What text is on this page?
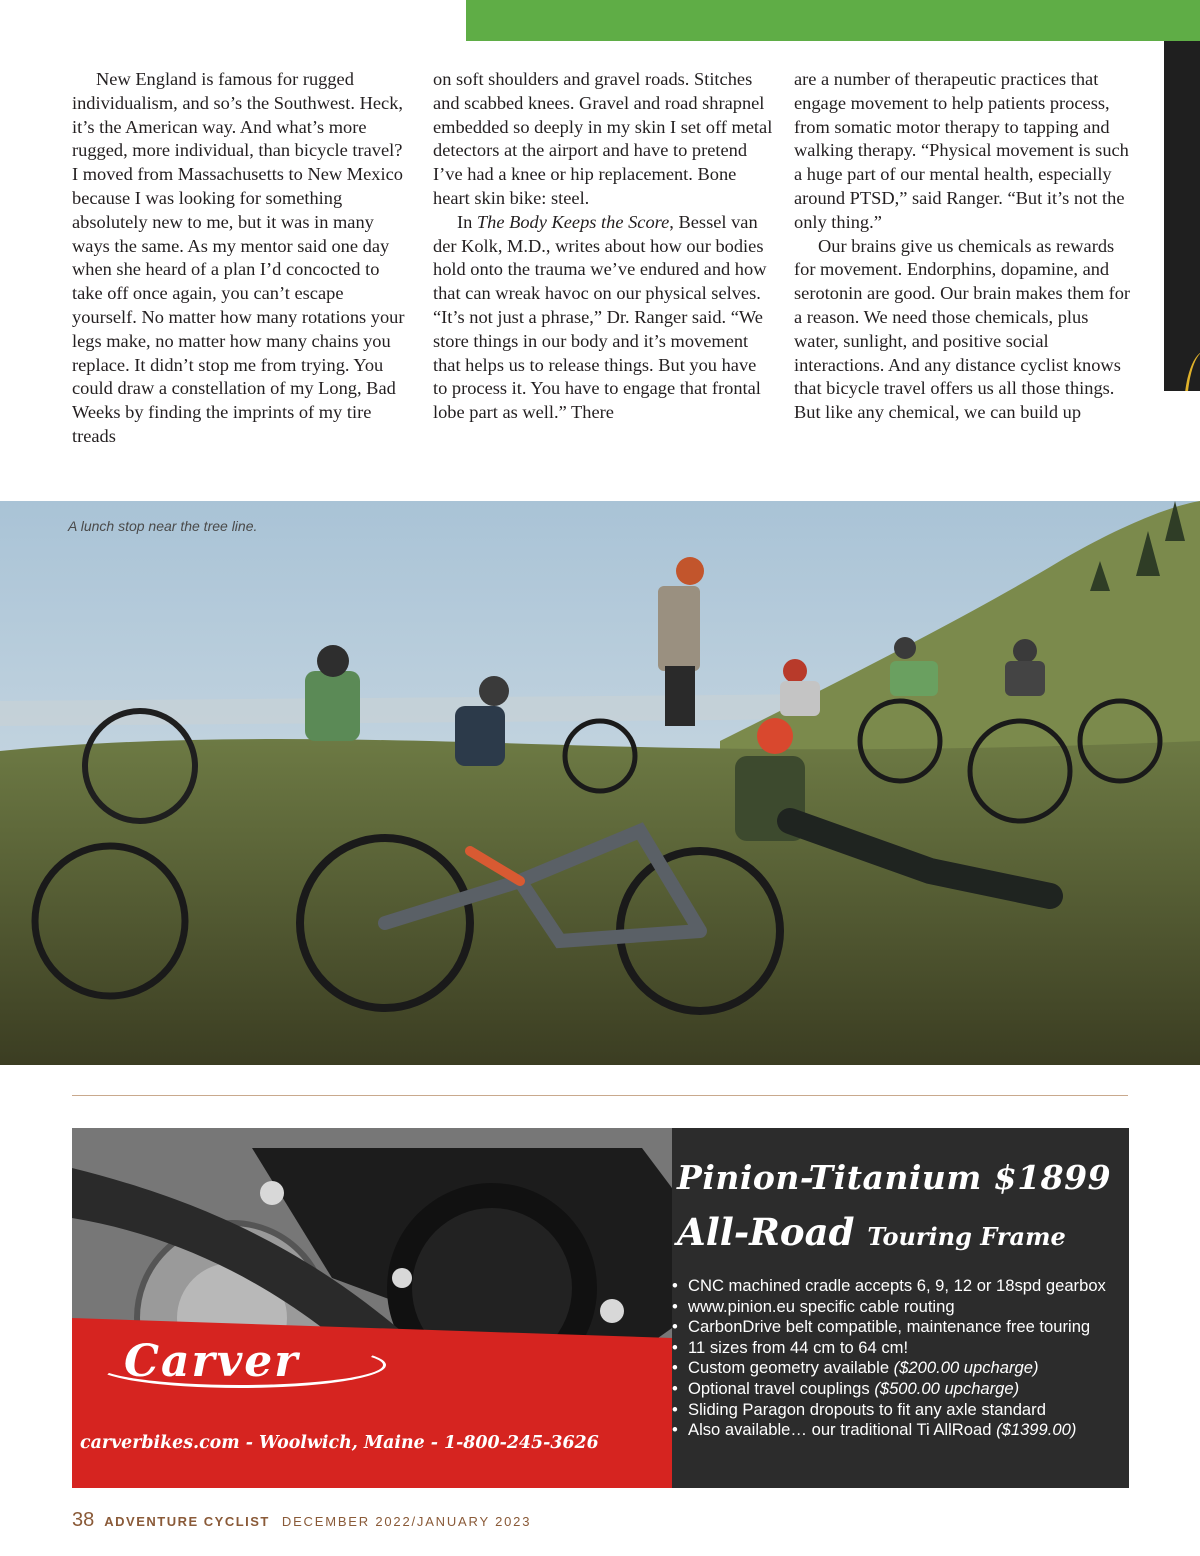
New England is famous for rugged individualism, and so’s the Southwest. Heck, it’s the American way. And what’s more rugged, more individual, than bicycle travel? I moved from Massachusetts to New Mexico because I was looking for something absolutely new to me, but it was in many ways the same. As my mentor said one day when she heard of a plan I’d concocted to take off once again, you can’t escape yourself. No matter how many rotations your legs make, no matter how many chains you replace. It didn’t stop me from trying. You could draw a constellation of my Long, Bad Weeks by finding the imprints of my tire treads

on soft shoulders and gravel roads. Stitches and scabbed knees. Gravel and road shrapnel embedded so deeply in my skin I set off metal detectors at the airport and have to pretend I’ve had a knee or hip replacement. Bone heart skin bike: steel.

In The Body Keeps the Score, Bessel van der Kolk, M.D., writes about how our bodies hold onto the trauma we’ve endured and how that can wreak havoc on our physical selves. “It’s not just a phrase,” Dr. Ranger said. “We store things in our body and it’s movement that helps us to release things. But you have to process it. You have to engage that frontal lobe part as well.” There

are a number of therapeutic practices that engage movement to help patients process, from somatic motor therapy to tapping and walking therapy. “Physical movement is such a huge part of our mental health, especially around PTSD,” said Ranger. “But it’s not the only thing.”

Our brains give us chemicals as rewards for movement. Endorphins, dopamine, and serotonin are good. Our brain makes them for a reason. We need those chemicals, plus water, sunlight, and positive social interactions. And any distance cyclist knows that bicycle travel offers us all those things. But like any chemical, we can build up

A lunch stop near the tree line.
Pinion-Titanium $1899
All-Road Touring Frame
• CNC machined cradle accepts 6, 9, 12 or 18spd gearbox
• www.pinion.eu specific cable routing
• CarbonDrive belt compatible, maintenance free touring
• 11 sizes from 44 cm to 64 cm!
• Custom geometry available ($200.00 upcharge)
• Optional travel couplings ($500.00 upcharge)
• Sliding Paragon dropouts to fit any axle standard
• Also available… our traditional Ti AllRoad ($1399.00)
Carver
carverbikes.com - Woolwich, Maine - 1-800-245-3626
38 ADVENTURE CYCLIST DECEMBER 2022/JANUARY 2023
